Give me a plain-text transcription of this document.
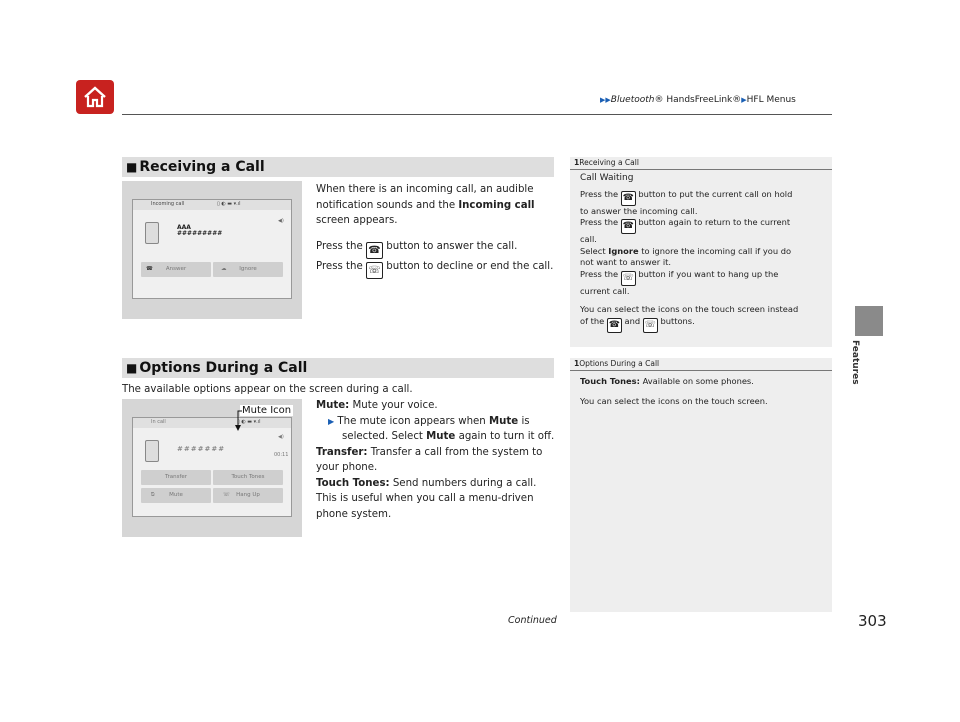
▶▶Bluetooth® HandsFreeLink®▶HFL Menus
Features
■ Receiving a Call
Incoming call	▯ ◐ ▬ ▾.ıl
AAA
#########
◀)
☎ Answer	☁ Ignore
When there is an incoming call, an audible
notification sounds and the Incoming call
screen appears.
Press the ☎ button to answer the call.
Press the ☏ button to decline or end the call.
1Receiving a Call
Call Waiting
Press the ☎ button to put the current call on hold
to answer the incoming call.
Press the ☎ button again to return to the current
call.
Select Ignore to ignore the incoming call if you do
not want to answer it.
Press the ☏ button if you want to hang up the
current call.
You can select the icons on the touch screen instead
of the ☎ and ☏ buttons.
■ Options During a Call
The available options appear on the screen during a call.
In call	▯ ◐ ▬ ▾.ıl
#######
◀)
00:11
Transfer	Touch Tones
⍉	Mute	☏ Hang Up
Mute Icon Mute: Mute your voice.
▶ The mute icon appears when Mute is
selected. Select Mute again to turn it off.
Transfer: Transfer a call from the system to
your phone.
Touch Tones: Send numbers during a call.
This is useful when you call a menu-driven
phone system.
1Options During a Call
Touch Tones: Available on some phones.
You can select the icons on the touch screen.
Continued	303
